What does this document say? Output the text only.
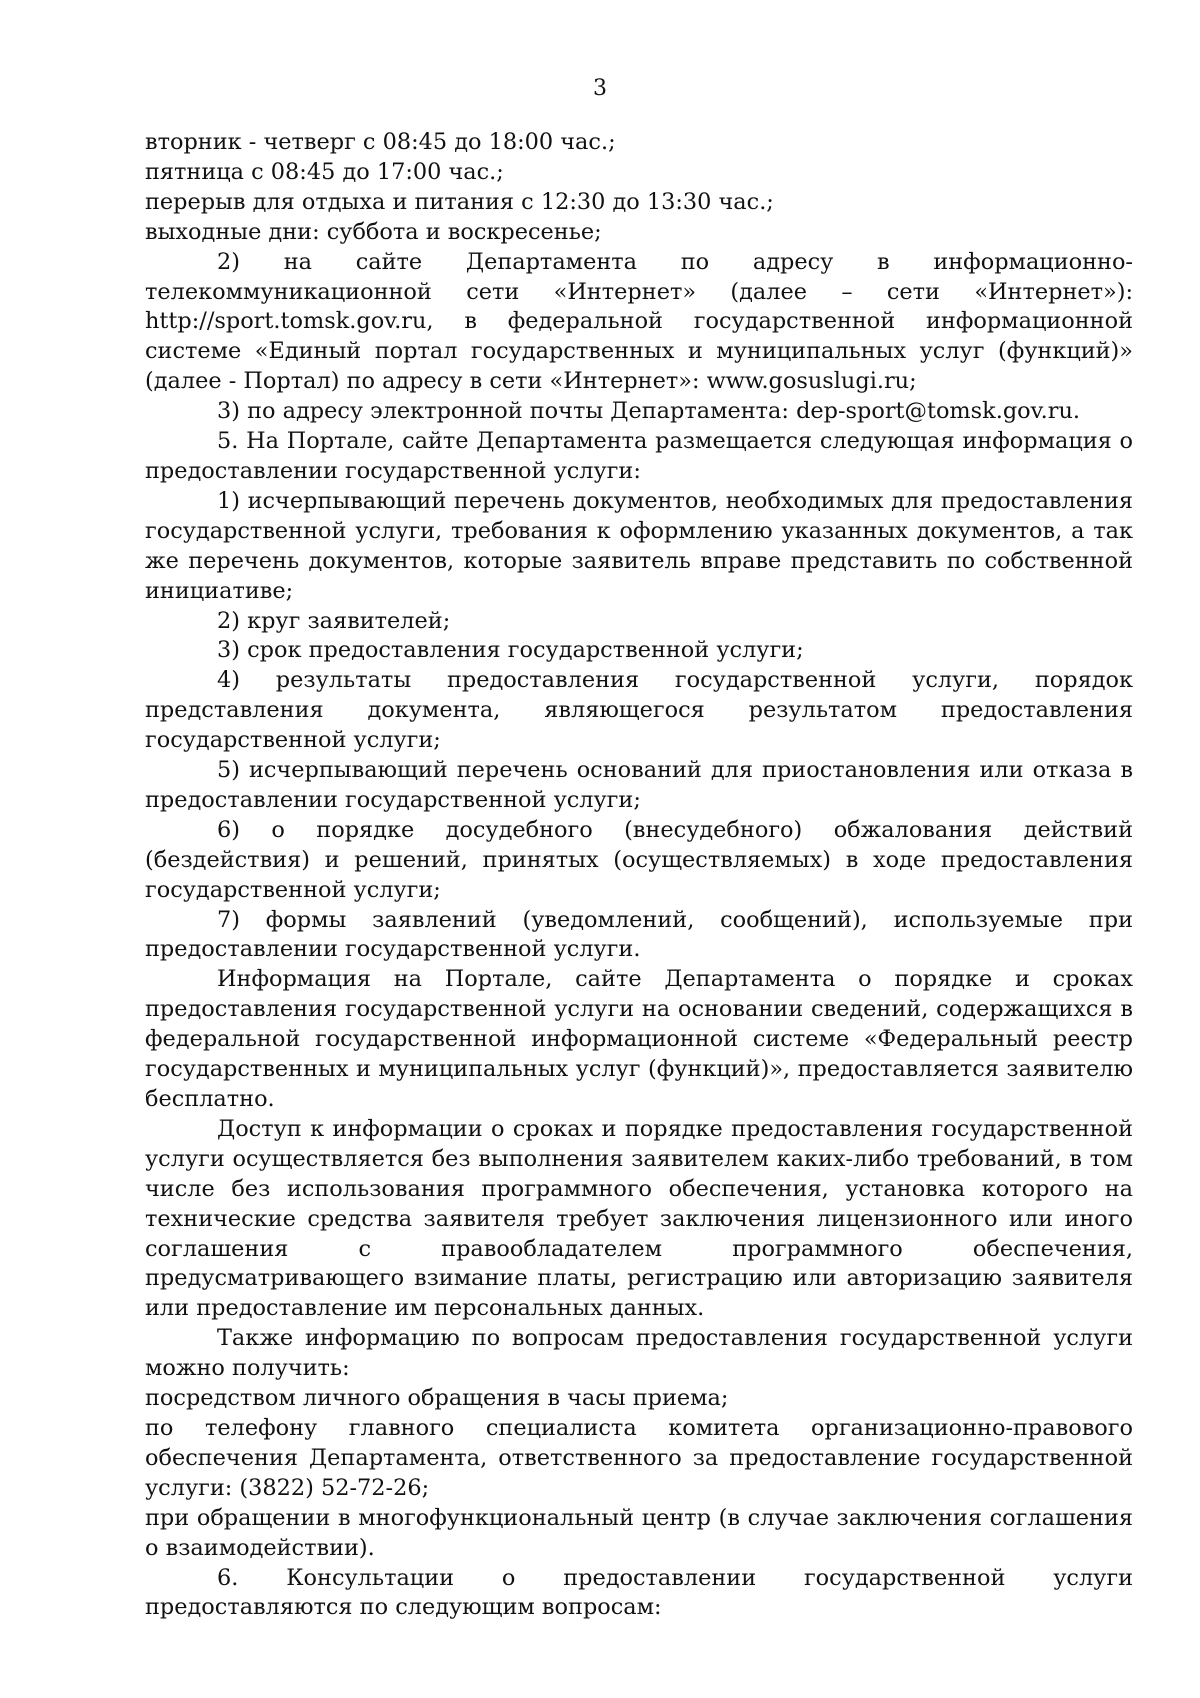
3

вторник - четверг с 08:45 до 18:00 час.;

пятница с 08:45 до 17:00 час.;

перерыв для отдыха и питания с 12:30 до 13:30 час.;

выходные дни: суббота и воскресенье;

2) на сайте Департамента по адресу в информационно-телекоммуникационной сети «Интернет» (далее – сети «Интернет»): http://sport.tomsk.gov.ru, в федеральной государственной информационной системе «Единый портал государственных и муниципальных услуг (функций)» (далее - Портал) по адресу в сети «Интернет»: www.gosuslugi.ru;

3) по адресу электронной почты Департамента: dep-sport@tomsk.gov.ru.

5. На Портале, сайте Департамента размещается следующая информация о предоставлении государственной услуги:

1) исчерпывающий перечень документов, необходимых для предоставления государственной услуги, требования к оформлению указанных документов, а так же перечень документов, которые заявитель вправе представить по собственной инициативе;

2) круг заявителей;

3) срок предоставления государственной услуги;

4) результаты предоставления государственной услуги, порядок представления документа, являющегося результатом предоставления государственной услуги;

5) исчерпывающий перечень оснований для приостановления или отказа в предоставлении государственной услуги;

6) о порядке досудебного (внесудебного) обжалования действий (бездействия) и решений, принятых (осуществляемых) в ходе предоставления государственной услуги;

7) формы заявлений (уведомлений, сообщений), используемые при предоставлении государственной услуги.

Информация на Портале, сайте Департамента о порядке и сроках предоставления государственной услуги на основании сведений, содержащихся в федеральной государственной информационной системе «Федеральный реестр государственных и муниципальных услуг (функций)», предоставляется заявителю бесплатно.

Доступ к информации о сроках и порядке предоставления государственной услуги осуществляется без выполнения заявителем каких-либо требований, в том числе без использования программного обеспечения, установка которого на технические средства заявителя требует заключения лицензионного или иного соглашения с правообладателем программного обеспечения, предусматривающего взимание платы, регистрацию или авторизацию заявителя или предоставление им персональных данных.

Также информацию по вопросам предоставления государственной услуги можно получить:

посредством личного обращения в часы приема;

по телефону главного специалиста комитета организационно-правового обеспечения Департамента, ответственного за предоставление государственной услуги: (3822) 52-72-26;

при обращении в многофункциональный центр (в случае заключения соглашения о взаимодействии).

6. Консультации о предоставлении государственной услуги предоставляются по следующим вопросам:
